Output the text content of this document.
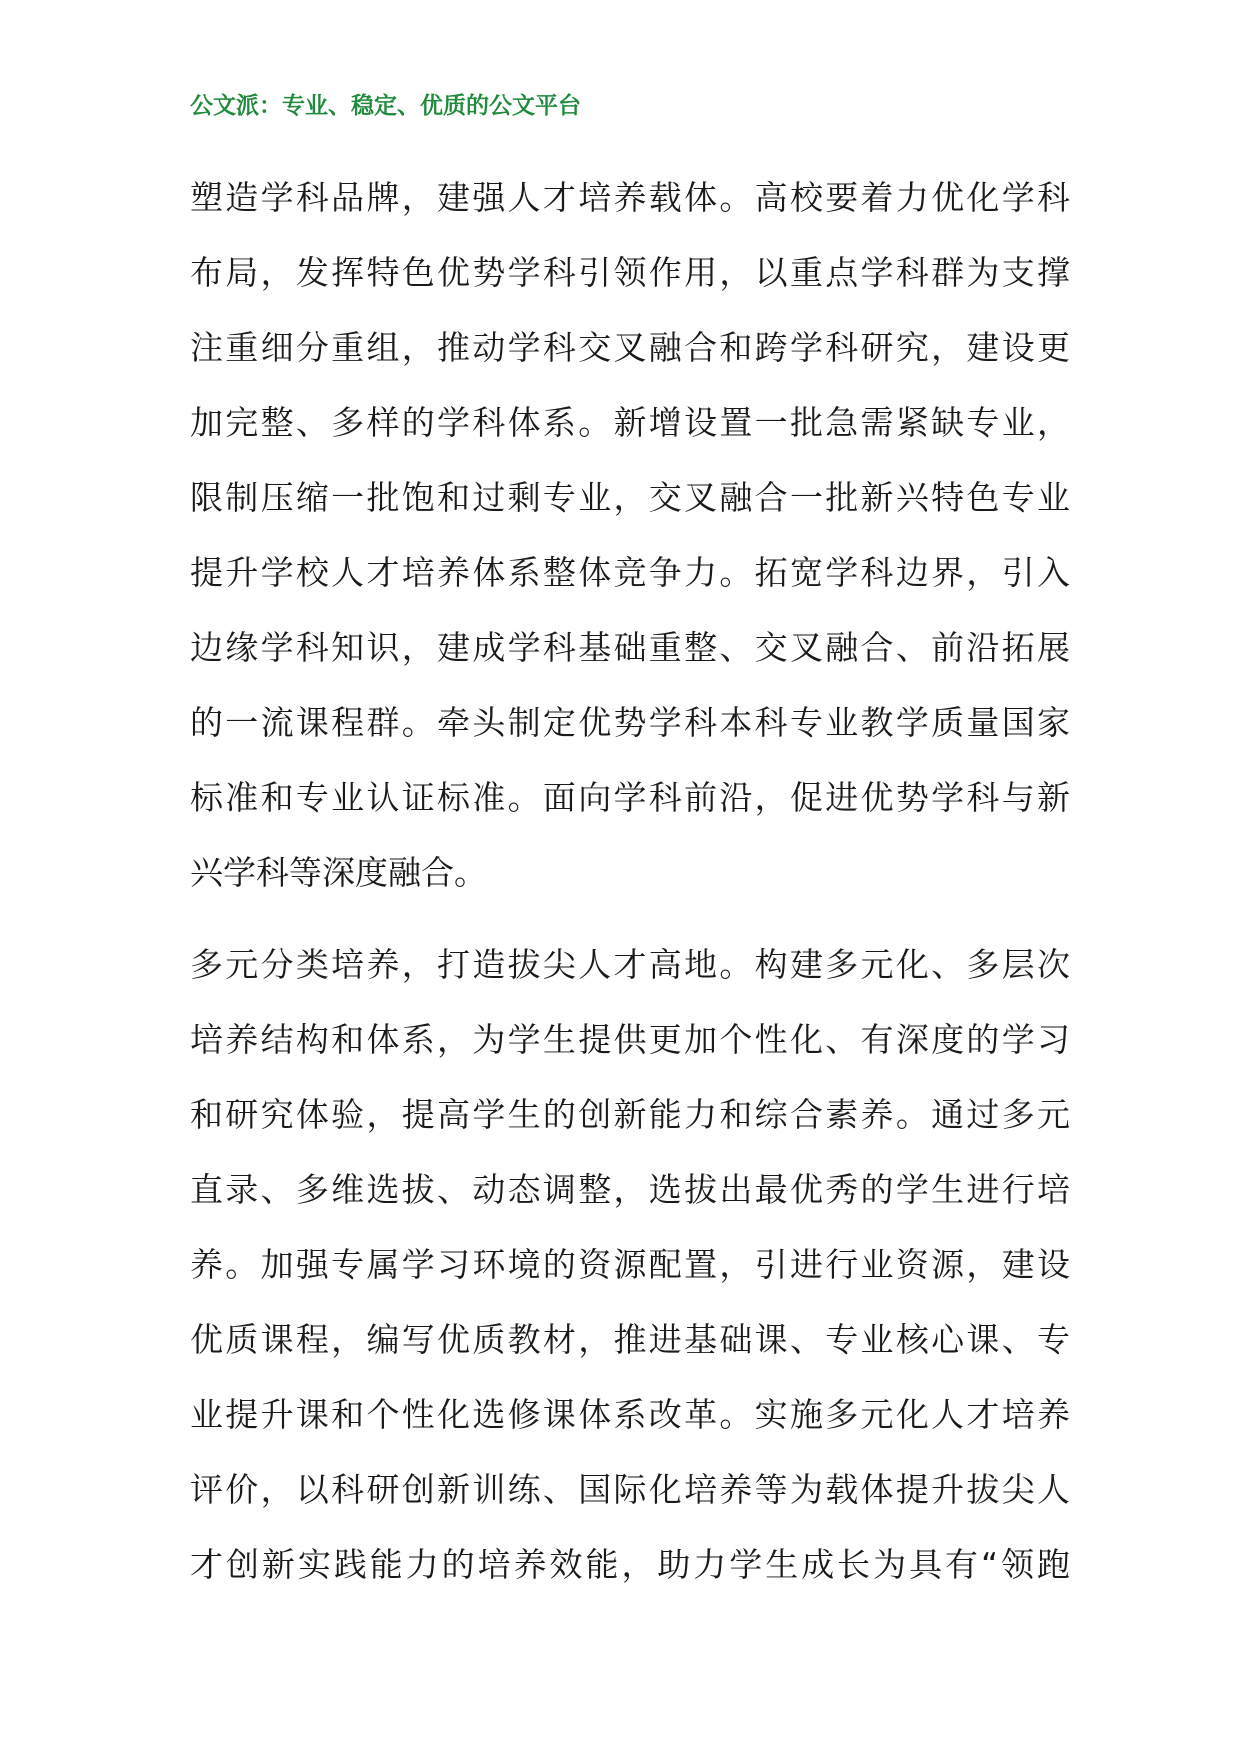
公文派：专业、稳定、优质的公文平台
塑造学科品牌，建强人才培养载体。高校要着力优化学科
布局，发挥特色优势学科引领作用，以重点学科群为支撑
注重细分重组，推动学科交叉融合和跨学科研究，建设更
加完整、多样的学科体系。新增设置一批急需紧缺专业，
限制压缩一批饱和过剩专业，交叉融合一批新兴特色专业
提升学校人才培养体系整体竞争力。拓宽学科边界，引入
边缘学科知识，建成学科基础重整、交叉融合、前沿拓展
的一流课程群。牵头制定优势学科本科专业教学质量国家
标准和专业认证标准。面向学科前沿，促进优势学科与新
兴学科等深度融合。
多元分类培养，打造拔尖人才高地。构建多元化、多层次
培养结构和体系，为学生提供更加个性化、有深度的学习
和研究体验，提高学生的创新能力和综合素养。通过多元
直录、多维选拔、动态调整，选拔出最优秀的学生进行培
养。加强专属学习环境的资源配置，引进行业资源，建设
优质课程，编写优质教材，推进基础课、专业核心课、专
业提升课和个性化选修课体系改革。实施多元化人才培养
评价，以科研创新训练、国际化培养等为载体提升拔尖人
才创新实践能力的培养效能，助力学生成长为具有“领跑
